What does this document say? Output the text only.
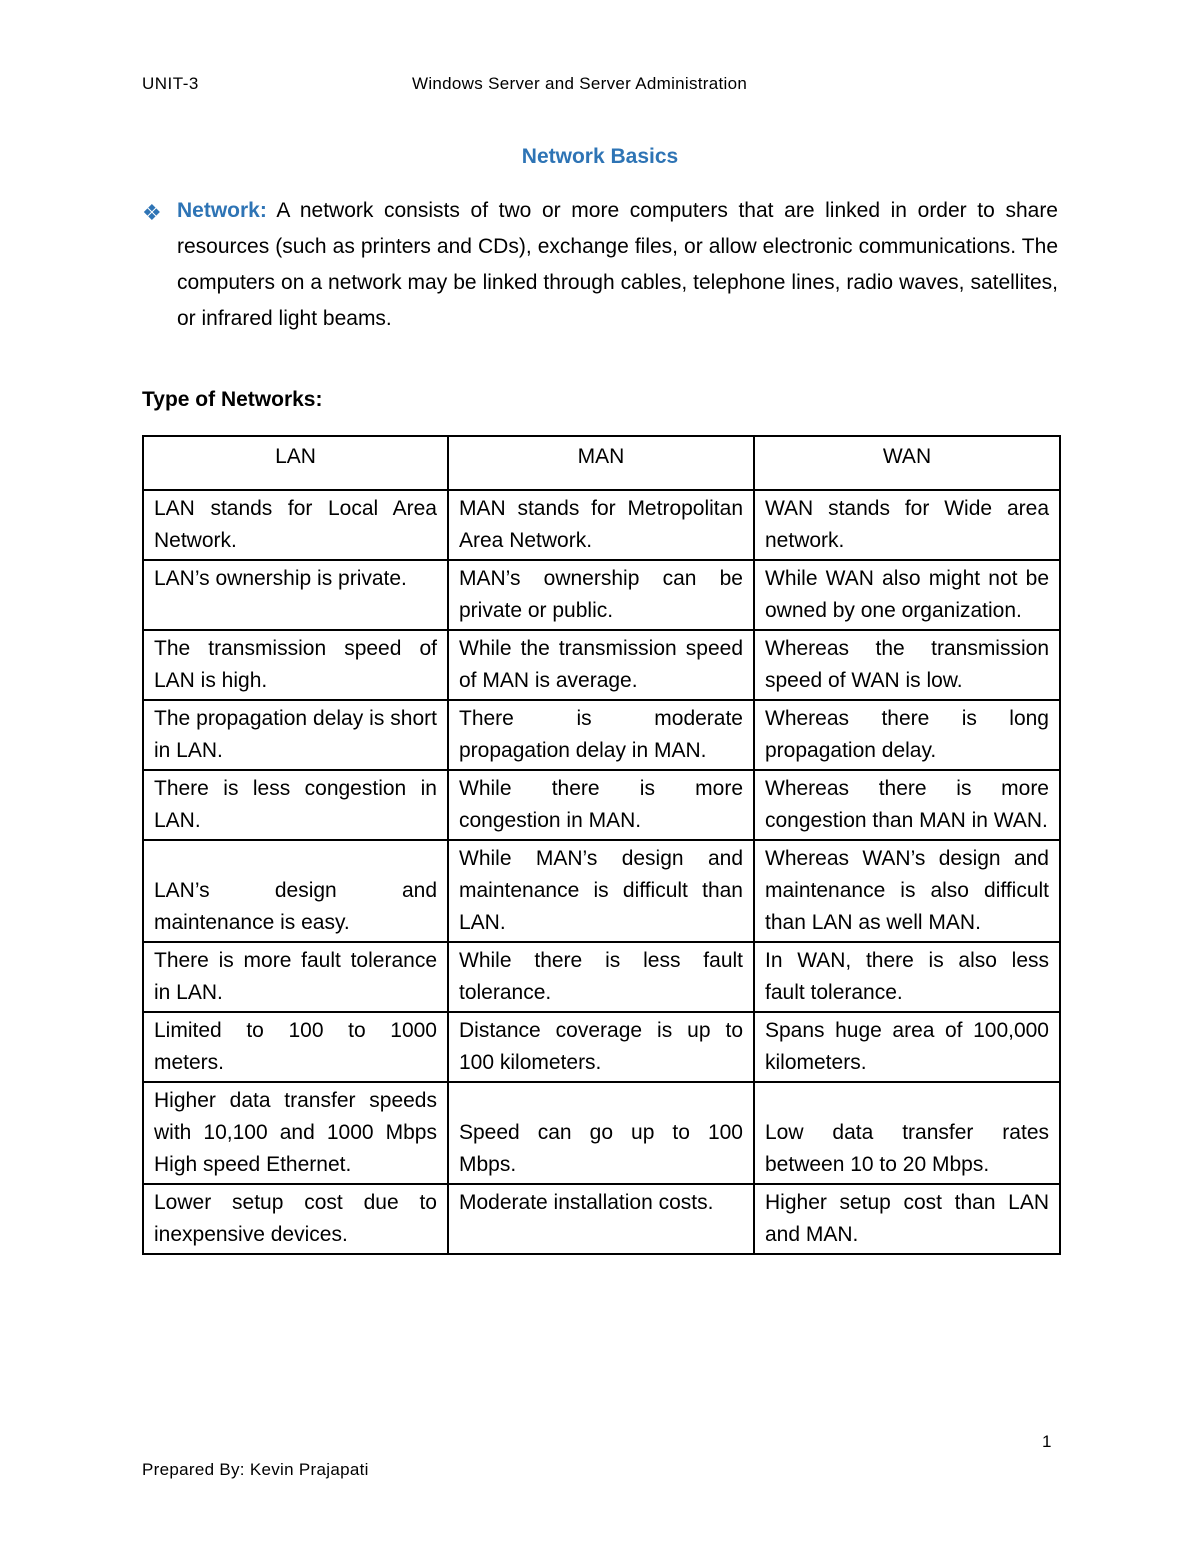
UNIT-3	Windows Server and Server Administration
Network Basics
❖ Network: A network consists of two or more computers that are linked in order to share resources (such as printers and CDs), exchange files, or allow electronic communications. The computers on a network may be linked through cables, telephone lines, radio waves, satellites, or infrared light beams.
Type of Networks:
LAN	MAN	WAN
LAN stands for Local Area Network.	MAN stands for Metropolitan Area Network.	WAN stands for Wide area network.
LAN’s ownership is private.	MAN’s ownership can be private or public.	While WAN also might not be owned by one organization.
The transmission speed of LAN is high.	While the transmission speed of MAN is average.	Whereas the transmission speed of WAN is low.
The propagation delay is short in LAN.	There is moderate propagation delay in MAN.	Whereas there is long propagation delay.
There is less congestion in LAN.	While there is more congestion in MAN.	Whereas there is more congestion than MAN in WAN.
LAN’s design and maintenance is easy.	While MAN’s design and maintenance is difficult than LAN.	Whereas WAN’s design and maintenance is also difficult than LAN as well MAN.
There is more fault tolerance in LAN.	While there is less fault tolerance.	In WAN, there is also less fault tolerance.
Limited to 100 to 1000 meters.	Distance coverage is up to 100 kilometers.	Spans huge area of 100,000 kilometers.
Higher data transfer speeds with 10,100 and 1000 Mbps High speed Ethernet.	Speed can go up to 100 Mbps.	Low data transfer rates between 10 to 20 Mbps.
Lower setup cost due to inexpensive devices.	Moderate installation costs.	Higher setup cost than LAN and MAN.
1
Prepared By: Kevin Prajapati
